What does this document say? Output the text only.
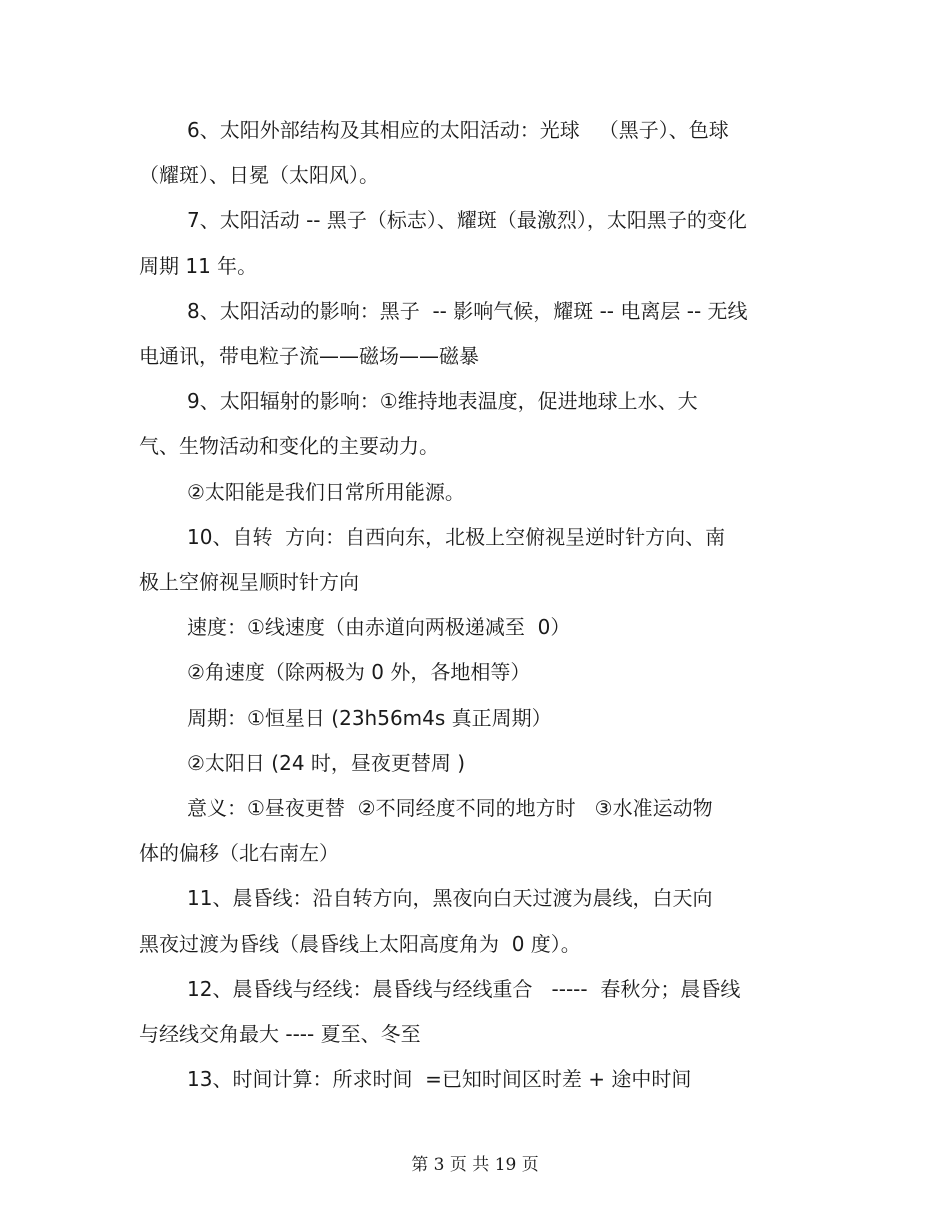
6、太阳外部结构及其相应的太阳活动：光球   （黑子）、色球

（耀斑）、日冕（太阳风）。

7、太阳活动 -- 黑子（标志）、耀斑（最激烈），太阳黑子的变化

周期 11 年。

8、太阳活动的影响：黑子  -- 影响气候，耀斑 -- 电离层 -- 无线

电通讯，带电粒子流——磁场——磁暴

9、太阳辐射的影响：①维持地表温度，促进地球上水、大

气、生物活动和变化的主要动力。

②太阳能是我们日常所用能源。

10、自转  方向：自西向东，北极上空俯视呈逆时针方向、南

极上空俯视呈顺时针方向

速度：①线速度（由赤道向两极递减至  0）

②角速度（除两极为 0 外，各地相等）

周期：①恒星日 (23h56m4s 真正周期）

②太阳日 (24 时，昼夜更替周 )

意义：①昼夜更替  ②不同经度不同的地方时   ③水准运动物

体的偏移（北右南左）

11、晨昏线：沿自转方向，黑夜向白天过渡为晨线，白天向

黑夜过渡为昏线（晨昏线上太阳高度角为  0 度）。

12、晨昏线与经线：晨昏线与经线重合   -----  春秋分；晨昏线

与经线交角最大 ---- 夏至、冬至

13、时间计算：所求时间  =已知时间区时差 + 途中时间

第 3 页 共 19 页
